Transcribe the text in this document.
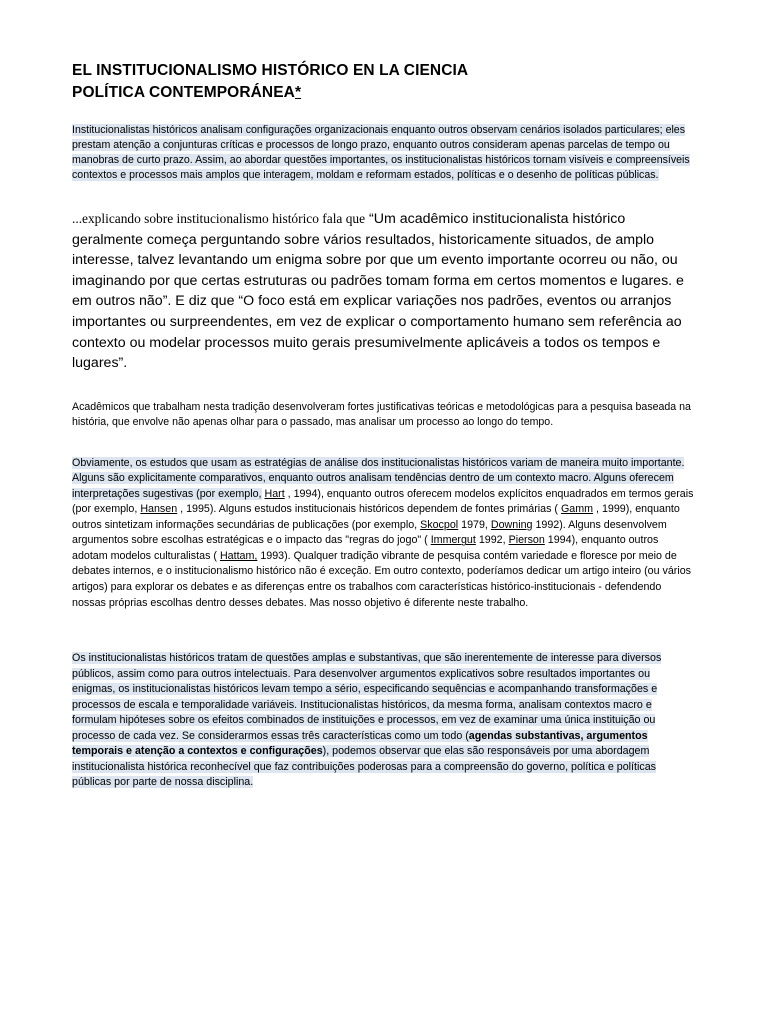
EL INSTITUCIONALISMO HISTÓRICO EN LA CIENCIA
POLÍTICA CONTEMPORÁNEA*

Institucionalistas históricos analisam configurações organizacionais enquanto outros observam cenários isolados particulares; eles prestam atenção a conjunturas críticas e processos de longo prazo, enquanto outros consideram apenas parcelas de tempo ou manobras de curto prazo. Assim, ao abordar questões importantes, os institucionalistas históricos tornam visíveis e compreensíveis contextos e processos mais amplos que interagem, moldam e reformam estados, políticas e o desenho de políticas públicas.

...explicando sobre institucionalismo histórico fala que “Um acadêmico institucionalista histórico geralmente começa perguntando sobre vários resultados, historicamente situados, de amplo interesse, talvez levantando um enigma sobre por que um evento importante ocorreu ou não, ou imaginando por que certas estruturas ou padrões tomam forma em certos momentos e lugares. e em outros não”. E diz que “O foco está em explicar variações nos padrões, eventos ou arranjos importantes ou surpreendentes, em vez de explicar o comportamento humano sem referência ao contexto ou modelar processos muito gerais presumivelmente aplicáveis a todos os tempos e lugares”.

Acadêmicos que trabalham nesta tradição desenvolveram fortes justificativas teóricas e metodológicas para a pesquisa baseada na história, que envolve não apenas olhar para o passado, mas analisar um processo ao longo do tempo.

Obviamente, os estudos que usam as estratégias de análise dos institucionalistas históricos variam de maneira muito importante. Alguns são explicitamente comparativos, enquanto outros analisam tendências dentro de um contexto macro. Alguns oferecem interpretações sugestivas (por exemplo, Hart , 1994), enquanto outros oferecem modelos explícitos enquadrados em termos gerais (por exemplo, Hansen , 1995). Alguns estudos institucionais históricos dependem de fontes primárias ( Gamm , 1999), enquanto outros sintetizam informações secundárias de publicações (por exemplo, Skocpol 1979, Downing 1992). Alguns desenvolvem argumentos sobre escolhas estratégicas e o impacto das "regras do jogo" ( Immergut 1992, Pierson 1994), enquanto outros adotam modelos culturalistas ( Hattam, 1993). Qualquer tradição vibrante de pesquisa contém variedade e floresce por meio de debates internos, e o institucionalismo histórico não é exceção. Em outro contexto, poderíamos dedicar um artigo inteiro (ou vários artigos) para explorar os debates e as diferenças entre os trabalhos com características histórico-institucionais - defendendo nossas próprias escolhas dentro desses debates. Mas nosso objetivo é diferente neste trabalho.

Os institucionalistas históricos tratam de questões amplas e substantivas, que são inerentemente de interesse para diversos públicos, assim como para outros intelectuais. Para desenvolver argumentos explicativos sobre resultados importantes ou enigmas, os institucionalistas históricos levam tempo a sério, especificando sequências e acompanhando transformações e processos de escala e temporalidade variáveis. Institucionalistas históricos, da mesma forma, analisam contextos macro e formulam hipóteses sobre os efeitos combinados de instituições e processos, em vez de examinar uma única instituição ou processo de cada vez. Se considerarmos essas três características como um todo (agendas substantivas, argumentos temporais e atenção a contextos e configurações), podemos observar que elas são responsáveis por uma abordagem institucionalista histórica reconhecível que faz contribuições poderosas para a compreensão do governo, política e políticas públicas por parte de nossa disciplina.
